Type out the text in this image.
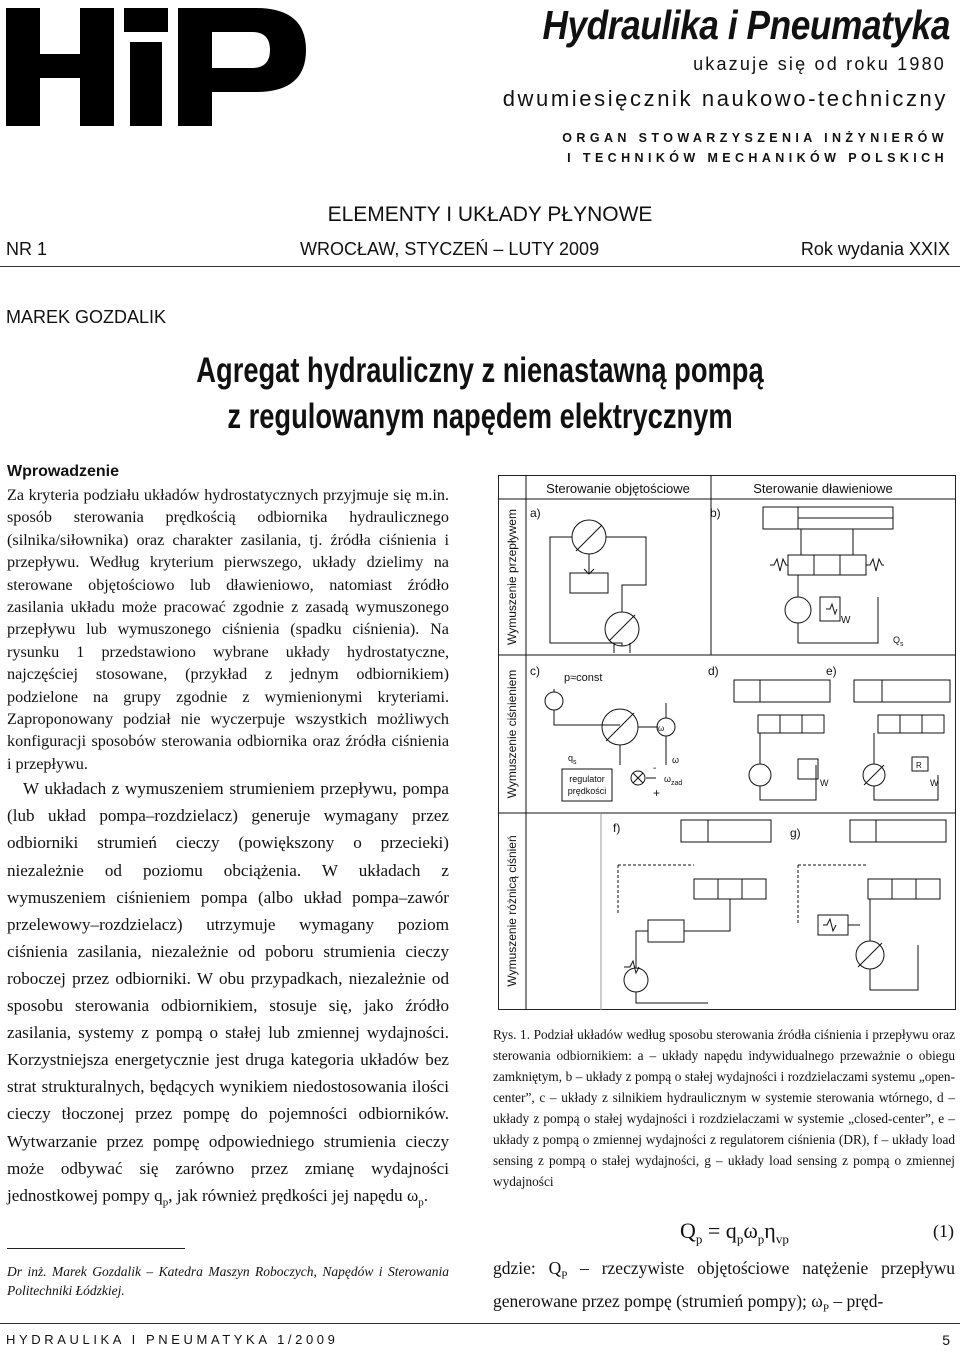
Hydraulika i Pneumatyka
ukazuje się od roku 1980
dwumiesięcznik naukowo-techniczny
ORGAN STOWARZYSZENIA INŻYNIERÓW
I TECHNIKÓW MECHANIKÓW POLSKICH
ELEMENTY I UKŁADY PŁYNOWE
NR 1	WROCŁAW, STYCZEŃ – LUTY 2009	Rok wydania XXIX
MAREK GOZDALIK
Agregat hydrauliczny z nienastawną pompą
z regulowanym napędem elektrycznym
Wprowadzenie

Za kryteria podziału układów hydrostatycznych przyjmuje się m.in. sposób sterowania prędkością odbiornika hydraulicznego (silnika/siłownika) oraz charakter zasilania, tj. źródła ciśnienia i przepływu. Według kryterium pierwszego, układy dzielimy na sterowane objętościowo lub dławieniowo, natomiast źródło zasilania układu może pracować zgodnie z zasadą wymuszonego przepływu lub wymuszonego ciśnienia (spadku ciśnienia). Na rysunku 1 przedstawiono wybrane układy hydrostatyczne, najczęściej stosowane, (przykład z jednym odbiornikiem) podzielone na grupy zgodnie z wymienionymi kryteriami. Zaproponowany podział nie wyczerpuje wszystkich możliwych konfiguracji sposobów sterowania odbiornika oraz źródła ciśnienia i przepływu.

W układach z wymuszeniem strumieniem przepływu, pompa (lub układ pompa–rozdzielacz) generuje wymagany przez odbiorniki strumień cieczy (powiększony o przecieki) niezależnie od poziomu obciążenia. W układach z wymuszeniem ciśnieniem pompa (albo układ pompa–zawór przelewowy–rozdzielacz) utrzymuje wymagany poziom ciśnienia zasilania, niezależnie od poboru strumienia cieczy roboczej przez odbiorniki. W obu przypadkach, niezależnie od sposobu sterowania odbiornikiem, stosuje się, jako źródło zasilania, systemy z pompą o stałej lub zmiennej wydajności. Korzystniejsza energetycznie jest druga kategoria układów bez strat strukturalnych, będących wynikiem niedostosowania ilości cieczy tłoczonej przez pompę do pojemności odbiorników. Wytwarzanie przez pompę odpowiedniego strumienia cieczy może odbywać się zarówno przez zmianę wydajności jednostkowej pompy $q_p$, jak również prędkości jej napędu $\omega_p$.

Dr inż. Marek Gozdalik – Katedra Maszyn Roboczych, Napędów i Sterowania Politechniki Łódzkiej.
Sterowanie objętościowe	Sterowanie dławieniowe
Wymuszenie przepływem
Wymuszenie ciśnieniem
Wymuszenie różnicą ciśnień
a)	b)
$Q_s$
W
c) p≈const
ω
$q_s$
regulator
prędkości
$\omega_{zad}$
-
+
ω
d)
W
e)
R
W
f)	g)
Rys. 1. Podział układów według sposobu sterowania źródła ciśnienia i przepływu oraz sterowania odbiornikiem: a – układy napędu indywidualnego przeważnie o obiegu zamkniętym, b – układy z pompą o stałej wydajności i rozdzielaczami systemu „open-center”, c – układy z silnikiem hydraulicznym w systemie sterowania wtórnego, d – układy z pompą o stałej wydajności i rozdzielaczami w systemie „closed-center”, e – układy z pompą o zmiennej wydajności z regulatorem ciśnienia (DR), f – układy load sensing z pompą o stałej wydajności, g – układy load sensing z pompą o zmiennej wydajności
$Q_p = q_p\omega_p\eta_{vp}$	(1)
gdzie: $Q_P$ – rzeczywiste objętościowe natężenie przepływu generowane przez pompę (strumień pompy); $\omega_P$ – pręd-
HYDRAULIKA I PNEUMATYKA 1/2009	5
